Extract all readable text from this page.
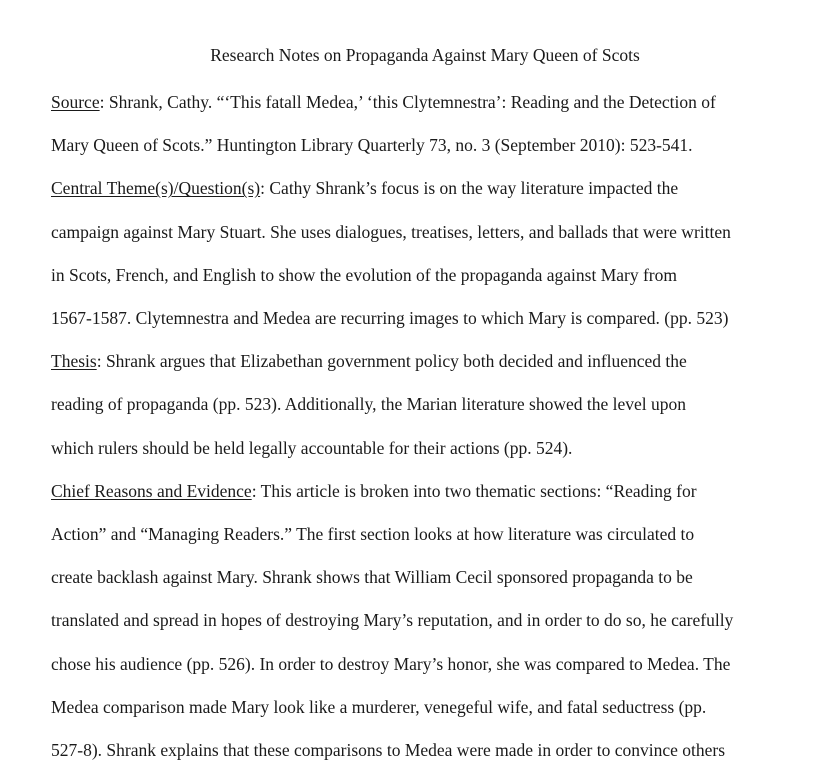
Research Notes on Propaganda Against Mary Queen of Scots

Source: Shrank, Cathy. “‘This fatall Medea,’ ‘this Clytemnestra’: Reading and the Detection of
Mary Queen of Scots.” Huntington Library Quarterly 73, no. 3 (September 2010): 523-541.

Central Theme(s)/Question(s): Cathy Shrank’s focus is on the way literature impacted the
campaign against Mary Stuart. She uses dialogues, treatises, letters, and ballads that were written
in Scots, French, and English to show the evolution of the propaganda against Mary from
1567-1587. Clytemnestra and Medea are recurring images to which Mary is compared. (pp. 523)

Thesis: Shrank argues that Elizabethan government policy both decided and influenced the
reading of propaganda (pp. 523). Additionally, the Marian literature showed the level upon
which rulers should be held legally accountable for their actions (pp. 524).

Chief Reasons and Evidence: This article is broken into two thematic sections: “Reading for
Action” and “Managing Readers.” The first section looks at how literature was circulated to
create backlash against Mary. Shrank shows that William Cecil sponsored propaganda to be
translated and spread in hopes of destroying Mary’s reputation, and in order to do so, he carefully
chose his audience (pp. 526). In order to destroy Mary’s honor, she was compared to Medea. The
Medea comparison made Mary look like a murderer, venegeful wife, and fatal seductress (pp.
527-8). Shrank explains that these comparisons to Medea were made in order to convince others
